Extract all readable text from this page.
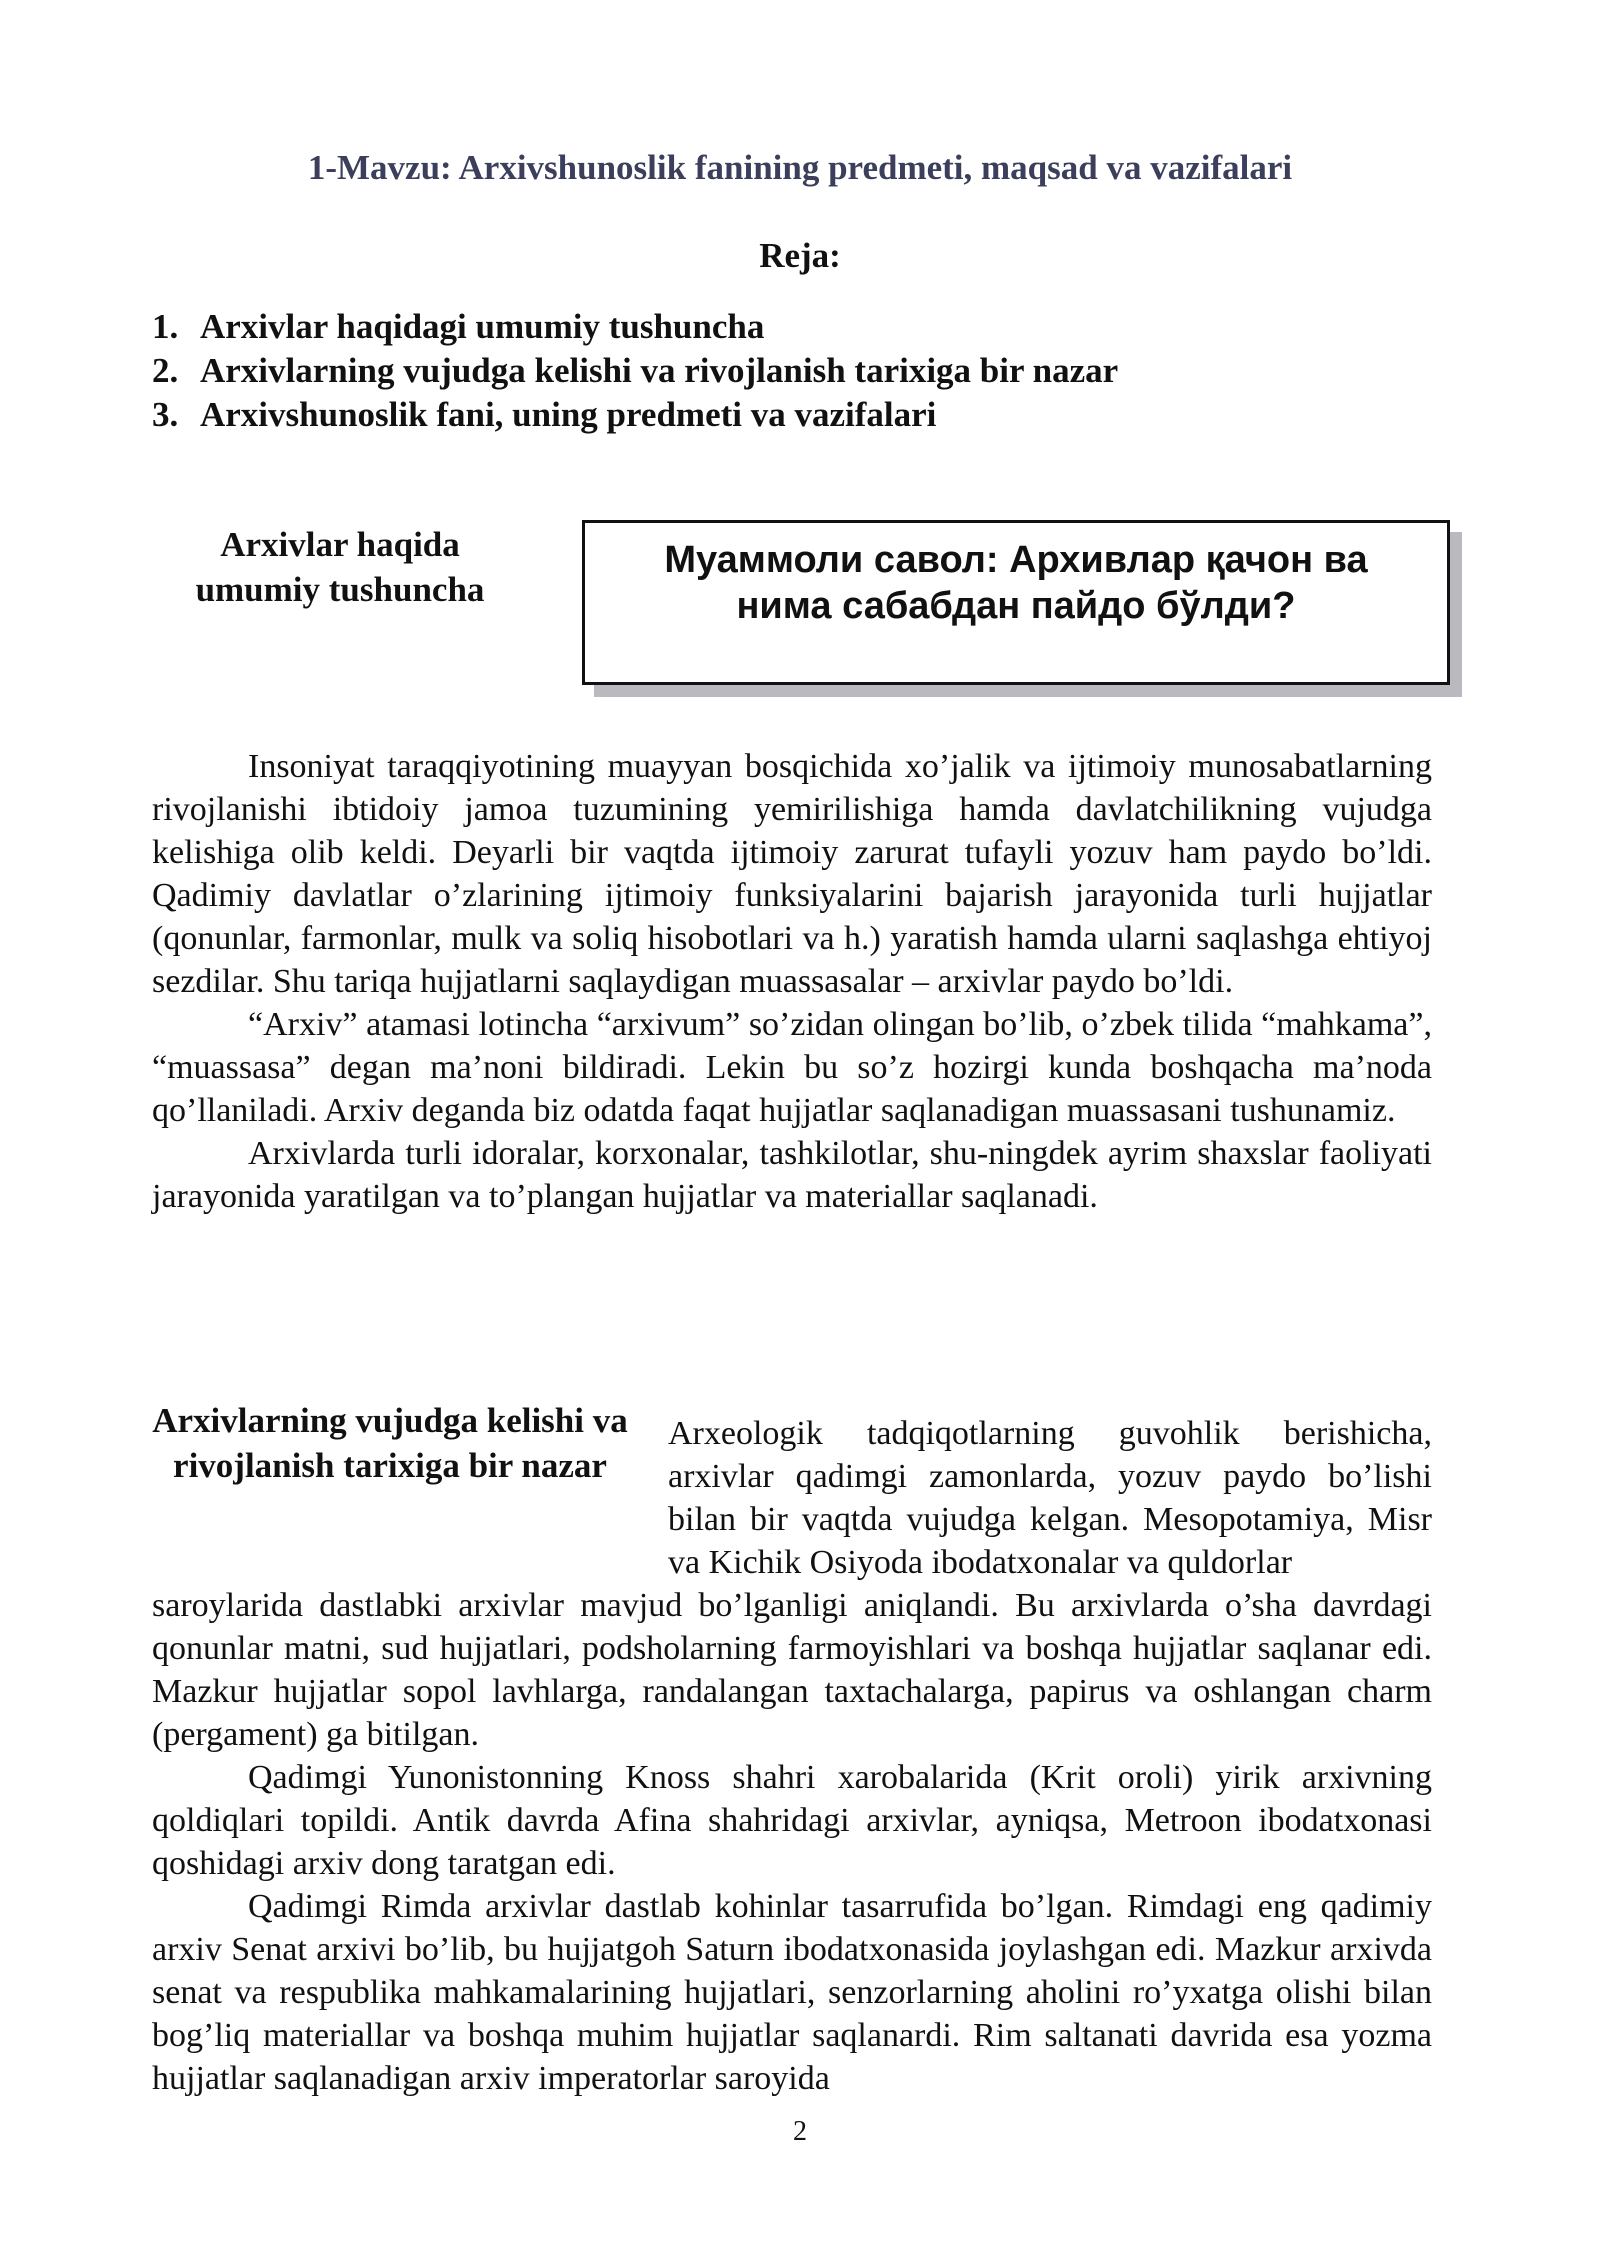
1-Mavzu: Arxivshunoslik fanining predmeti, maqsad va vazifalari
Reja:
1. Arxivlar haqidagi umumiy tushuncha
2. Arxivlarning vujudga kelishi va rivojlanish tarixiga bir nazar
3. Arxivshunoslik fani, uning predmeti va vazifalari
Arxivlar haqida umumiy tushuncha
Муаммоли савол: Архивлар қачон ва нима сабабдан пайдо бўлди?

Insoniyat taraqqiyotining muayyan bosqichida xo’jalik va ijtimoiy munosabatlarning rivojlanishi ibtidoiy jamoa tuzumining yemirilishiga hamda davlatchilikning vujudga kelishiga olib keldi. Deyarli bir vaqtda ijtimoiy zarurat tufayli yozuv ham paydo bo’ldi. Qadimiy davlatlar o’zlarining ijtimoiy funksiyalarini bajarish jarayonida turli hujjatlar (qonunlar, farmonlar, mulk va soliq hisobotlari va h.) yaratish hamda ularni saqlashga ehtiyoj sezdilar. Shu tariqa hujjatlarni saqlaydigan muassasalar – arxivlar paydo bo’ldi.

“Arxiv” atamasi lotincha “arxivum” so’zidan olingan bo’lib, o’zbek tilida “mahkama”, “muassasa” degan ma’noni bildiradi. Lekin bu so’z hozirgi kunda boshqacha ma’noda qo’llaniladi. Arxiv deganda biz odatda faqat hujjatlar saqlanadigan muassasani tushunamiz.

Arxivlarda turli idoralar, korxonalar, tashkilotlar, shu-ningdek ayrim shaxslar faoliyati jarayonida yaratilgan va to’plangan hujjatlar va materiallar saqlanadi.

Arxivlarning vujudga kelishi va rivojlanish tarixiga bir nazar

Arxeologik tadqiqotlarning guvohlik berishicha, arxivlar qadimgi zamonlarda, yozuv paydo bo’lishi bilan bir vaqtda vujudga kelgan. Mesopotamiya, Misr va Kichik Osiyoda ibodatxonalar va quldorlar

saroylarida dastlabki arxivlar mavjud bo’lganligi aniqlandi. Bu arxivlarda o’sha davrdagi qonunlar matni, sud hujjatlari, podsholarning farmoyishlari va boshqa hujjatlar saqlanar edi. Mazkur hujjatlar sopol lavhlarga, randalangan taxtachalarga, papirus va oshlangan charm (pergament) ga bitilgan.

Qadimgi Yunonistonning Knoss shahri xarobalarida (Krit oroli) yirik arxivning qoldiqlari topildi. Antik davrda Afina shahridagi arxivlar, ayniqsa, Metroon ibodatxonasi qoshidagi arxiv dong taratgan edi.

Qadimgi Rimda arxivlar dastlab kohinlar tasarrufida bo’lgan. Rimdagi eng qadimiy arxiv Senat arxivi bo’lib, bu hujjatgoh Saturn ibodatxonasida joylashgan edi. Mazkur arxivda senat va respublika mahkamalarining hujjatlari, senzorlarning aholini ro’yxatga olishi bilan bog’liq materiallar va boshqa muhim hujjatlar saqlanardi. Rim saltanati davrida esa yozma hujjatlar saqlanadigan arxiv imperatorlar saroyida

2
